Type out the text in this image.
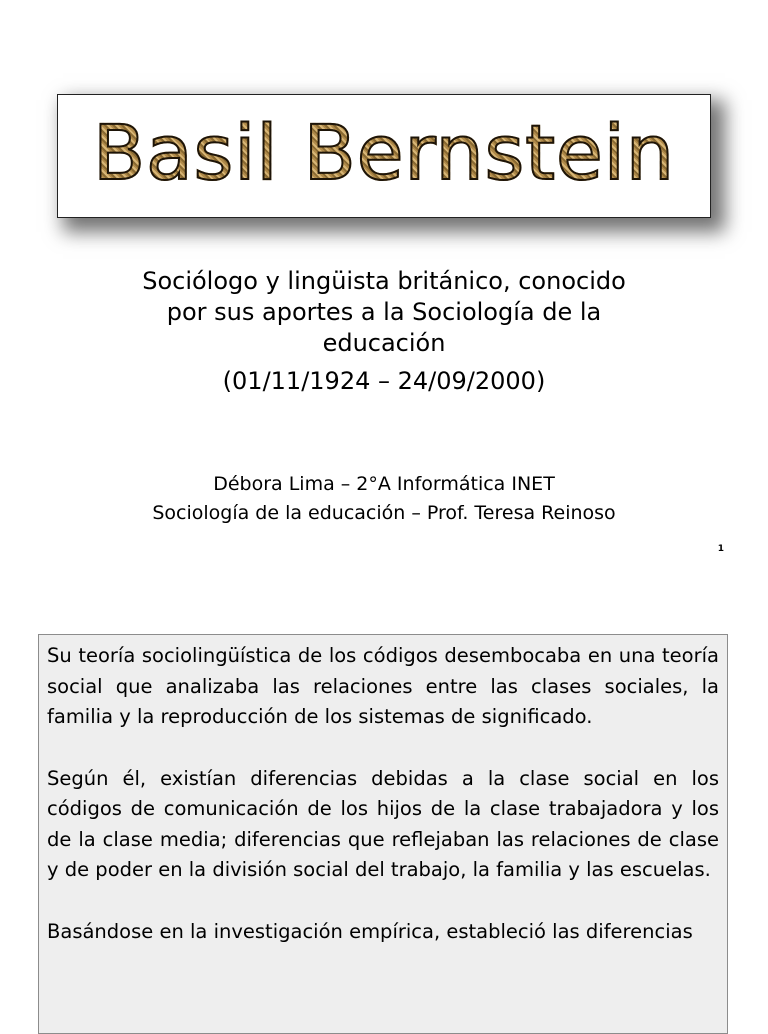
Basil Bernstein
Sociólogo y lingüista británico, conocido
por sus aportes a la Sociología de la
educación
(01/11/1924 – 24/09/2000)
Débora Lima – 2°A Informática INET
Sociología de la educación – Prof. Teresa Reinoso
1

Su teoría sociolingüística de los códigos desembocaba en una teoría social que analizaba las relaciones entre las clases sociales, la familia y la reproducción de los sistemas de significado.

Según él, existían diferencias debidas a la clase social en los códigos de comunicación de los hijos de la clase trabajadora y los de la clase media; diferencias que reflejaban las relaciones de clase y de poder en la división social del trabajo, la familia y las escuelas.

Basándose en la investigación empírica, estableció las diferencias
